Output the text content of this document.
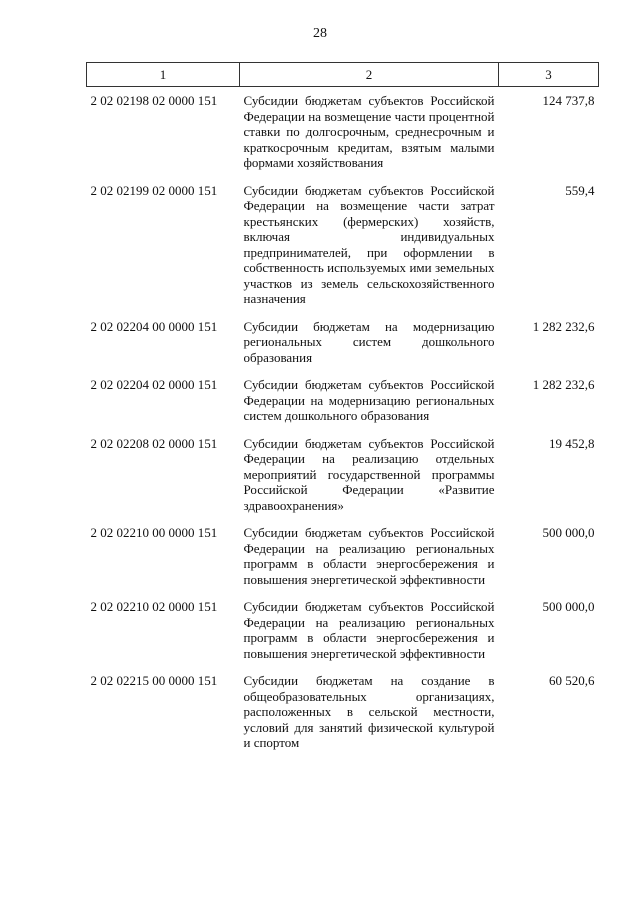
28
1	2	3
2 02 02198 02 0000 151	Субсидии бюджетам субъектов Российской Федерации на возмещение части процентной ставки по долгосрочным, среднесрочным и краткосрочным кредитам, взятым малыми формами хозяйствования	124 737,8
2 02 02199 02 0000 151	Субсидии бюджетам субъектов Российской Федерации на возмещение части затрат крестьянских (фермерских) хозяйств, включая индивидуальных предпринимателей, при оформлении в собственность используемых ими земельных участков из земель сельскохозяйственного назначения	559,4
2 02 02204 00 0000 151	Субсидии бюджетам на модернизацию региональных систем дошкольного образования	1 282 232,6
2 02 02204 02 0000 151	Субсидии бюджетам субъектов Российской Федерации на модернизацию региональных систем дошкольного образования	1 282 232,6
2 02 02208 02 0000 151	Субсидии бюджетам субъектов Российской Федерации на реализацию отдельных мероприятий государственной программы Российской Федерации «Развитие здравоохранения»	19 452,8
2 02 02210 00 0000 151	Субсидии бюджетам субъектов Российской Федерации на реализацию региональных программ в области энергосбережения и повышения энергетической эффективности	500 000,0
2 02 02210 02 0000 151	Субсидии бюджетам субъектов Российской Федерации на реализацию региональных программ в области энергосбережения и повышения энергетической эффективности	500 000,0
2 02 02215 00 0000 151	Субсидии бюджетам на создание в общеобразовательных организациях, расположенных в сельской местности, условий для занятий физической культурой и спортом	60 520,6
